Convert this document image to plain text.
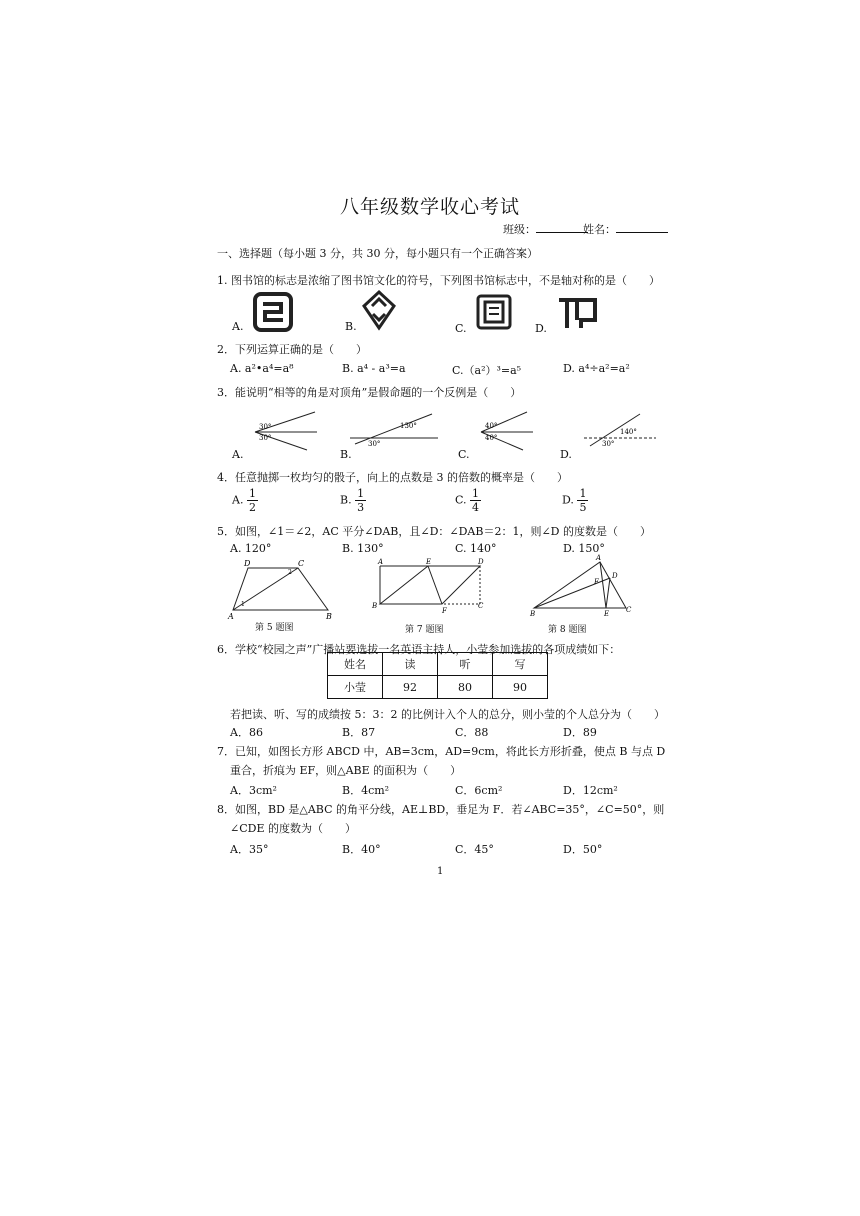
八年级数学收心考试
班级：	姓名：
一、选择题（每小题 3 分，共 30 分，每小题只有一个正确答案）
1. 图书馆的标志是浓缩了图书馆文化的符号，下列图书馆标志中，不是轴对称的是（　　）
A.	B.	C.	D.
2．下列运算正确的是（　　）
A. a²•a⁴=a⁸	B. a⁴ - a³=a	C.（a²）³=a⁵	D. a⁴÷a²=a²
3．能说明“相等的角是对顶角”是假命题的一个反例是（　　）
30°
30°
130°
30°
40°
40°
30°
140°
A.	B.	C.	D.
4．任意抛掷一枚均匀的骰子，向上的点数是 3 的倍数的概率是（　　）
A. $\frac{1}{2}$	B. $\frac{1}{3}$	C. $\frac{1}{4}$	D. $\frac{1}{5}$
5．如图，∠1＝∠2，AC 平分∠DAB，且∠D：∠DAB＝2：1，则∠D 的度数是（　　）
A. 120°	B. 130°	C. 140°	D. 150°
D	C
A	B
1
2
第 5 题图
A	E	D
B
F
C
第 7 题图
A
F
D
B	E C
第 8 题图
6．学校“校园之声”广播站要选拔一名英语主持人，小莹参加选拔的各项成绩如下：
姓名	读	听	写
小莹	92	80	90
若把读、听、写的成绩按 5：3：2 的比例计入个人的总分，则小莹的个人总分为（　　）
A．86	B．87	C．88	D．89
7．已知，如图长方形 ABCD 中，AB=3cm，AD=9cm，将此长方形折叠，使点 B 与点 D
重合，折痕为 EF，则△ABE 的面积为（　　）
A．3cm²	B．4cm²	C．6cm²	D．12cm²
8．如图，BD 是△ABC 的角平分线，AE⊥BD，垂足为 F．若∠ABC=35°，∠C=50°，则
∠CDE 的度数为（　　）
A．35°	B．40°	C．45°	D．50°
1
